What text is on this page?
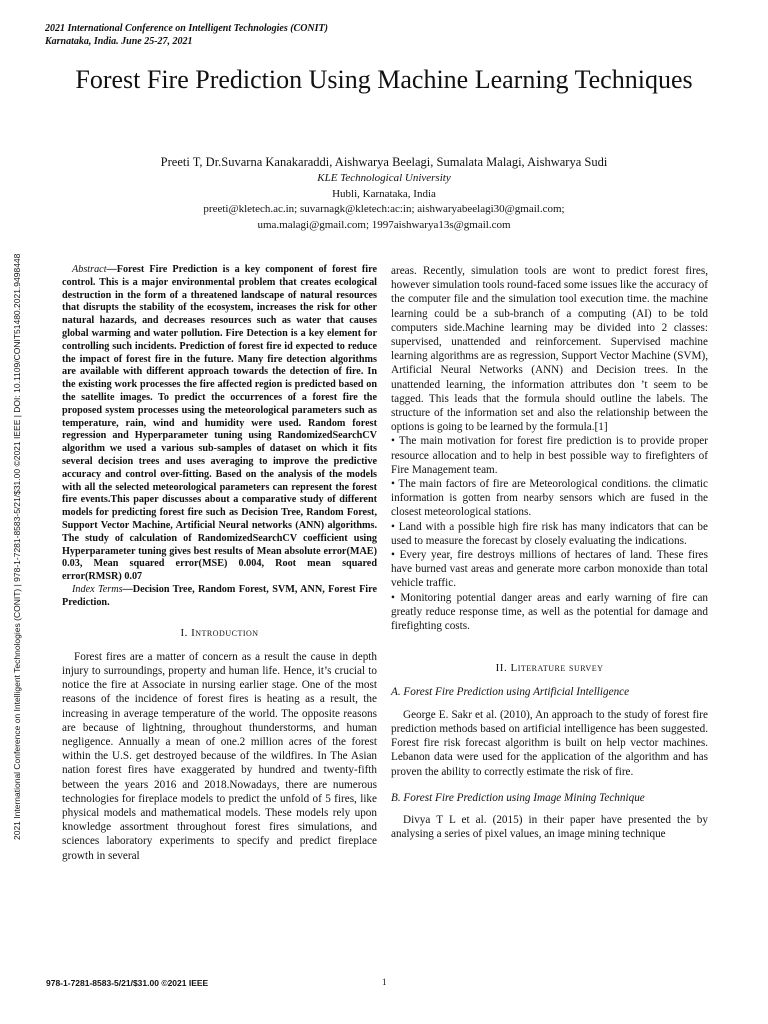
2021 International Conference on Intelligent Technologies (CONIT)
Karnataka, India. June 25-27, 2021
Forest Fire Prediction Using Machine Learning Techniques
Preeti T, Dr.Suvarna Kanakaraddi, Aishwarya Beelagi, Sumalata Malagi, Aishwarya Sudi
KLE Technological University
Hubli, Karnataka, India
preeti@kletech.ac.in; suvarnagk@kletech:ac:in; aishwaryabeelagi30@gmail.com;
uma.malagi@gmail.com; 1997aishwarya13s@gmail.com
2021 International Conference on Intelligent Technologies (CONIT) | 978-1-7281-8583-5/21/$31.00 ©2021 IEEE | DOI: 10.1109/CONIT51480.2021.9498448	Abstract—Forest Fire Prediction is a key component of forest fire control. This is a major environmental problem that creates ecological destruction in the form of a threatened landscape of natural resources that disrupts the stability of the ecosystem, increases the risk for other natural hazards, and decreases resources such as water that causes global warming and water pollution. Fire Detection is a key element for controlling such incidents. Prediction of forest fire id expected to reduce the impact of forest fire in the future. Many fire detection algorithms are available with different approach towards the detection of fire. In the existing work processes the fire affected region is predicted based on the satellite images. To predict the occurrences of a forest fire the proposed system processes using the meteorological parameters such as temperature, rain, wind and humidity were used. Random forest regression and Hyperparameter tuning using RandomizedSearchCV algorithm we used a various sub-samples of dataset on which it fits several decision trees and uses averaging to improve the predictive accuracy and control over-fitting. Based on the analysis of the models with all the selected meteorological parameters can represent the forest fire events.This paper discusses about a comparative study of different models for predicting forest fire such as Decision Tree, Random Forest, Support Vector Machine, Artificial Neural networks (ANN) algorithms. The study of calculation of RandomizedSearchCV coefficient using Hyperparameter tuning gives best results of Mean absolute error(MAE) 0.03, Mean squared error(MSE) 0.004, Root mean squared error(RMSR) 0.07

Index Terms—Decision Tree, Random Forest, SVM, ANN, Forest Fire Prediction.

I. Introduction

Forest fires are a matter of concern as a result the cause in depth injury to surroundings, property and human life. Hence, it’s crucial to notice the fire at Associate in nursing earlier stage. One of the most reasons of the incidence of forest fires is heating as a result, the increasing in average temperature of the world. The opposite reasons are because of lightning, throughout thunderstorms, and human negligence. Annually a mean of one.2 million acres of the forest within the U.S. get destroyed because of the wildfires. In The Asian nation forest fires have exaggerated by hundred and twenty-fifth between the years 2016 and 2018.Nowadays, there are numerous technologies for fireplace models to predict the unfold of 5 fires, like physical models and mathematical models. These models rely upon knowledge assortment throughout forest fires simulations, and sciences laboratory experiments to specify and predict fireplace growth in several

areas. Recently, simulation tools are wont to predict forest fires, however simulation tools round-faced some issues like the accuracy of the computer file and the simulation tool execution time. the machine learning could be a sub-branch of a computing (AI) to be told computers side.Machine learning may be divided into 2 classes: supervised, unattended and reinforcement. Supervised machine learning algorithms are as regression, Support Vector Machine (SVM), Artificial Neural Networks (ANN) and Decision trees. In the unattended learning, the information attributes don ’t seem to be tagged. This leads that the formula should outline the labels. The structure of the information set and also the relationship between the options is going to be learned by the formula.[1]

• The main motivation for forest fire prediction is to provide proper resource allocation and to help in best possible way to firefighters of Fire Management team.

• The main factors of fire are Meteorological conditions. the climatic information is gotten from nearby sensors which are fused in the closest meteorological stations.

• Land with a possible high fire risk has many indicators that can be used to measure the forecast by closely evaluating the indications.

• Every year, fire destroys millions of hectares of land. These fires have burned vast areas and generate more carbon monoxide than total vehicle traffic.

• Monitoring potential danger areas and early warning of fire can greatly reduce response time, as well as the potential for damage and firefighting costs.

II. Literature survey
A. Forest Fire Prediction using Artificial Intelligence

George E. Sakr et al. (2010), An approach to the study of forest fire prediction methods based on artificial intelligence has been suggested. Forest fire risk forecast algorithm is built on help vector machines. Lebanon data were used for the application of the algorithm and has proven the ability to correctly estimate the risk of fire.

B. Forest Fire Prediction using Image Mining Technique

Divya T L et al. (2015) in their paper have presented the by analysing a series of pixel values, an image mining technique

978-1-7281-8583-5/21/$31.00 ©2021 IEEE	1
